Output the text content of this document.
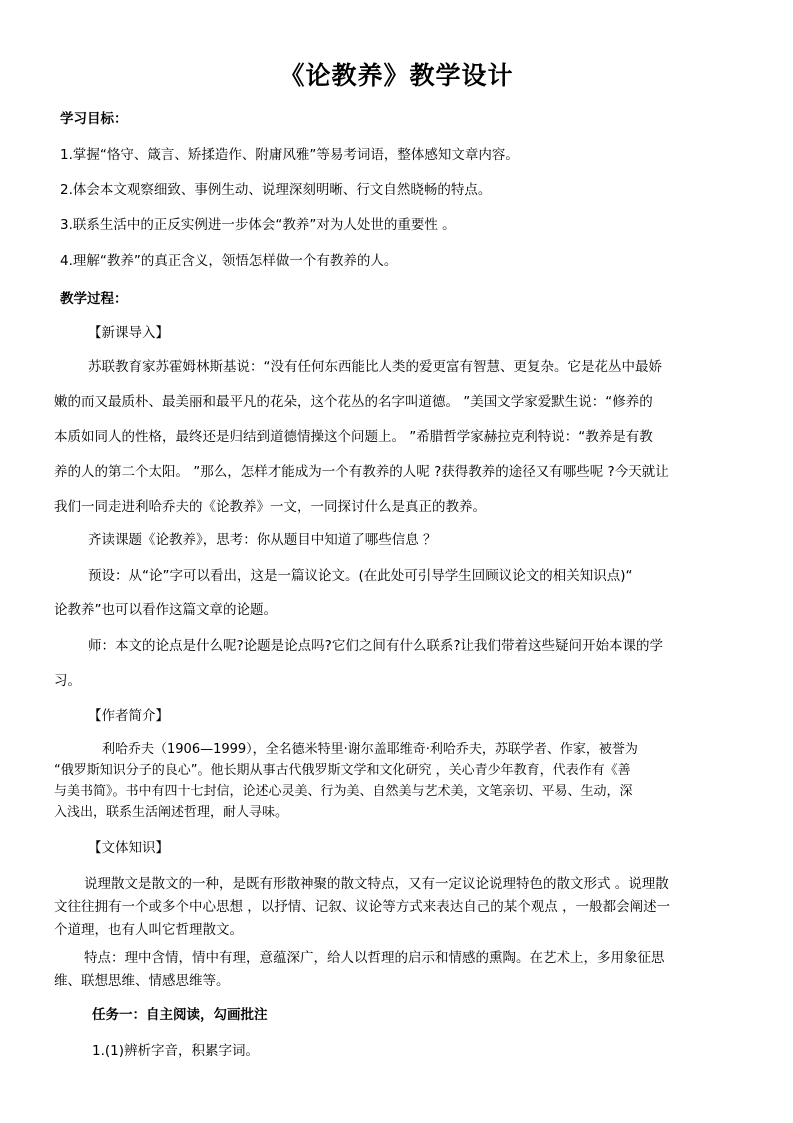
《论教养》教学设计
学习目标：
1.掌握“恪守、箴言、矫揉造作、附庸风雅”等易考词语，整体感知文章内容。
2.体会本文观察细致、事例生动、说理深刻明晰、行文自然晓畅的特点。
3.联系生活中的正反实例进一步体会“教养”对为人处世的重要性 。
4.理解“教养”的真正含义，领悟怎样做一个有教养的人。
教学过程：
【新课导入】
苏联教育家苏霍姆林斯基说：“没有任何东西能比人类的爱更富有智慧、更复杂。它是花丛中最娇
嫩的而又最质朴、最美丽和最平凡的花朵，这个花丛的名字叫道德。 ”美国文学家爱默生说：“修养的
本质如同人的性格，最终还是归结到道德情操这个问题上。 ”希腊哲学家赫拉克利特说：“教养是有教
养的人的第二个太阳。 ”那么，怎样才能成为一个有教养的人呢 ?获得教养的途径又有哪些呢 ?今天就让
我们一同走进利哈乔夫的《论教养》一文，一同探讨什么是真正的教养。
齐读课题《论教养》，思考：你从题目中知道了哪些信息 ？
预设：从“论”字可以看出，这是一篇议论文。(在此处可引导学生回顾议论文的相关知识点)“
论教养”也可以看作这篇文章的论题。
师：本文的论点是什么呢?论题是论点吗?它们之间有什么联系?让我们带着这些疑问开始本课的学
习。
【作者简介】
利哈乔夫（1906—1999），全名德米特里·谢尔盖耶维奇·利哈乔夫，苏联学者、作家，被誉为
“俄罗斯知识分子的良心”。他长期从事古代俄罗斯文学和文化研究 ，关心青少年教育，代表作有《善
与美书简》。书中有四十七封信，论述心灵美、行为美、自然美与艺术美，文笔亲切、平易、生动，深
入浅出，联系生活阐述哲理，耐人寻味。
【文体知识】
说理散文是散文的一种，是既有形散神聚的散文特点，又有一定议论说理特色的散文形式 。说理散
文往往拥有一个或多个中心思想 ，以抒情、记叙、议论等方式来表达自己的某个观点 ，一般都会阐述一
个道理，也有人叫它哲理散文。
特点：理中含情，情中有理，意蕴深广，给人以哲理的启示和情感的熏陶。在艺术上，多用象征思
维、联想思维、情感思维等。
任务一：自主阅读，勾画批注
1.(1)辨析字音，积累字词。
